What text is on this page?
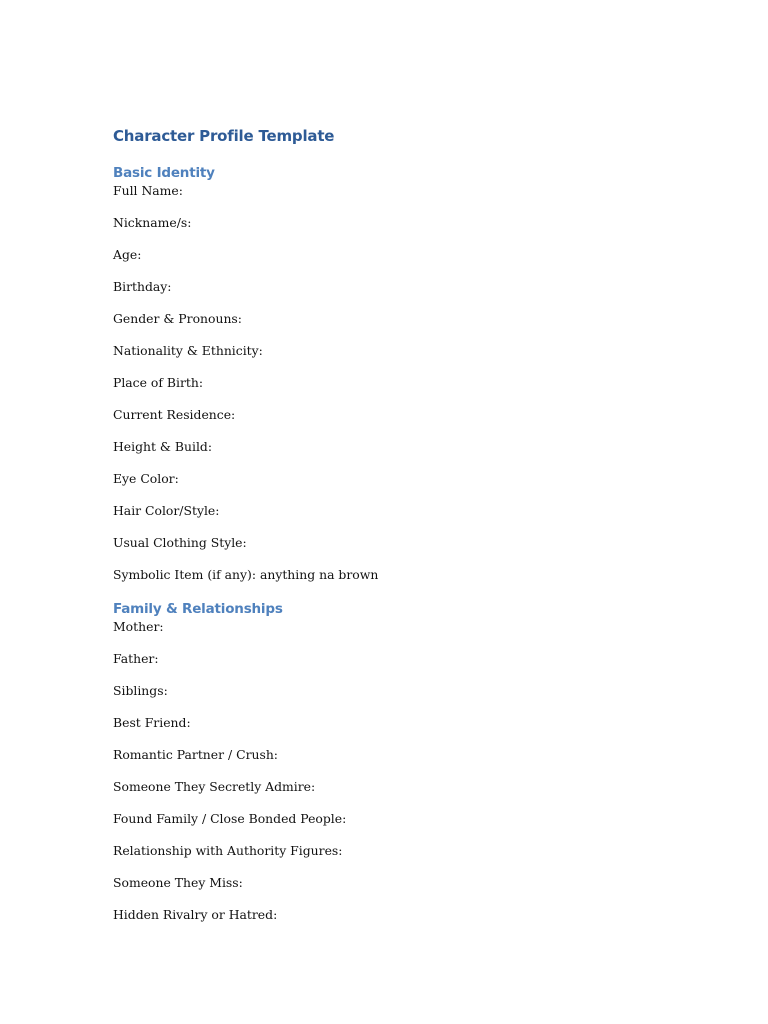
Character Profile Template
Basic Identity

Full Name:

Nickname/s:

Age:

Birthday:

Gender & Pronouns:

Nationality & Ethnicity:

Place of Birth:

Current Residence:

Height & Build:

Eye Color:

Hair Color/Style:

Usual Clothing Style:

Symbolic Item (if any): anything na brown

Family & Relationships

Mother:

Father:

Siblings:

Best Friend:

Romantic Partner / Crush:

Someone They Secretly Admire:

Found Family / Close Bonded People:

Relationship with Authority Figures:

Someone They Miss:

Hidden Rivalry or Hatred:
